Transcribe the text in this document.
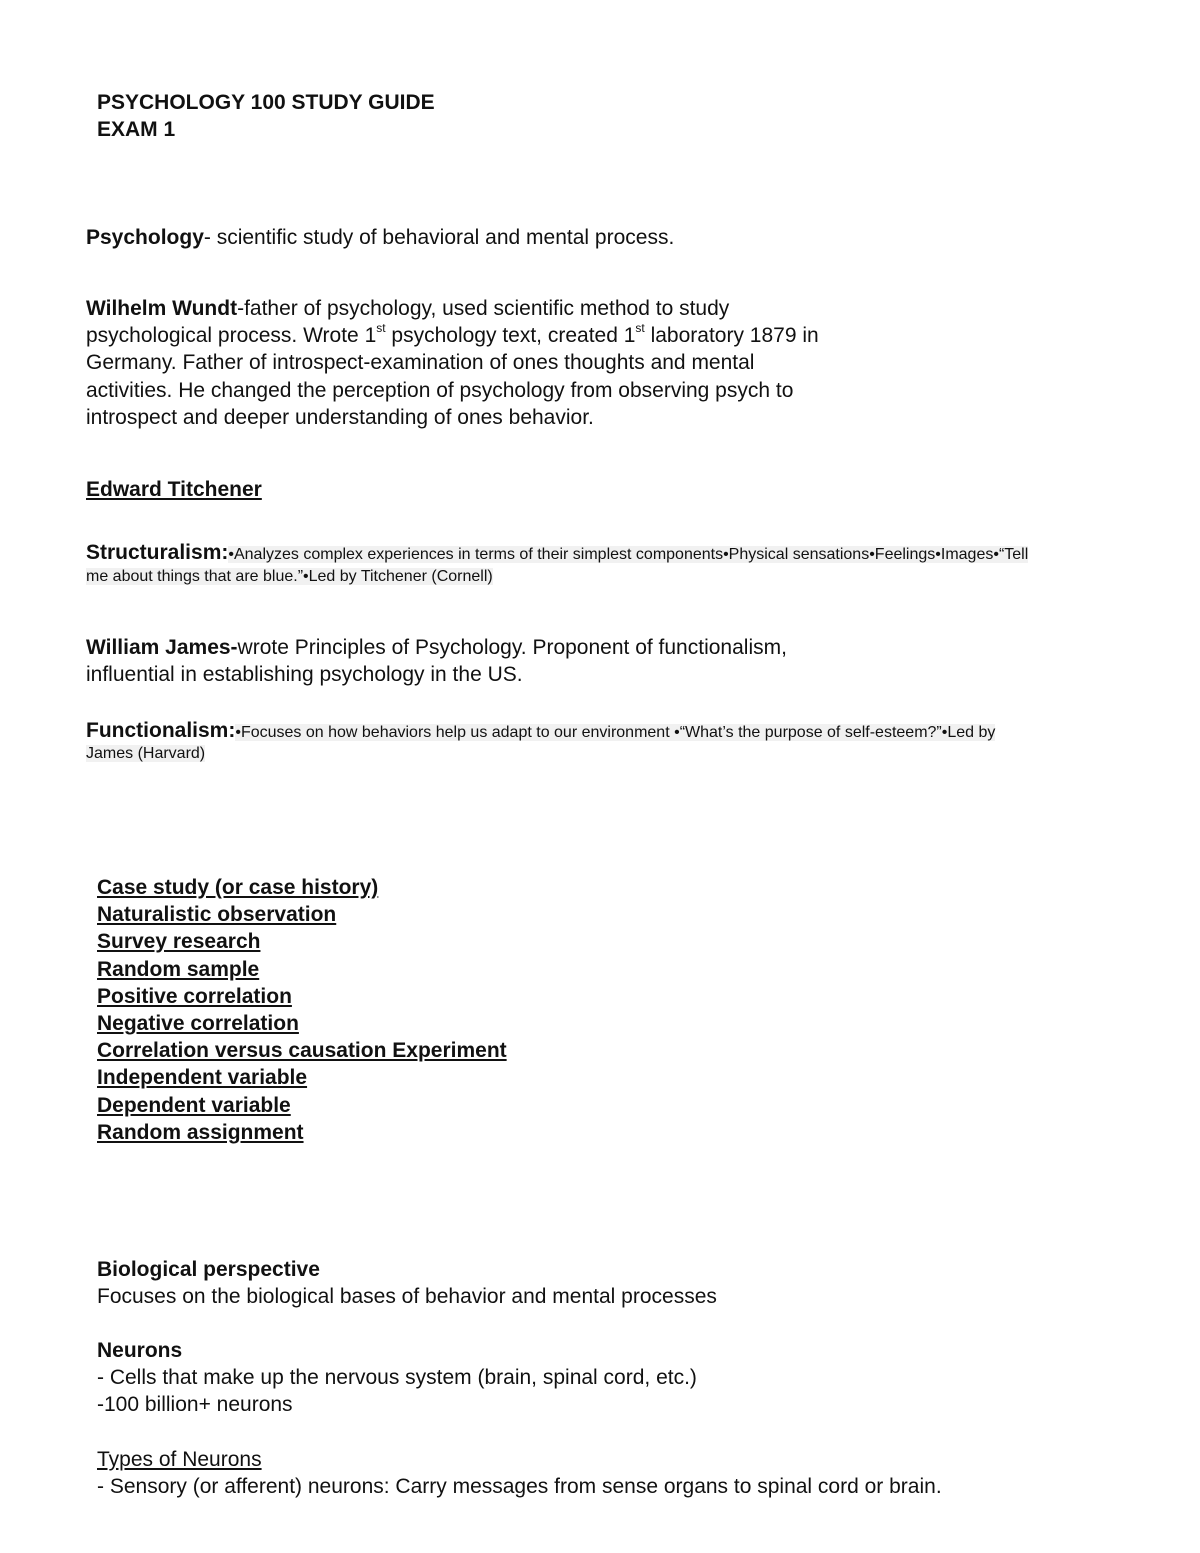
PSYCHOLOGY 100 STUDY GUIDE
EXAM 1
Psychology- scientific study of behavioral and mental process.
Wilhelm Wundt-father of psychology, used scientific method to study
psychological process. Wrote 1st psychology text, created 1st laboratory 1879 in
Germany. Father of introspect-examination of ones thoughts and mental
activities. He changed the perception of psychology from observing psych to
introspect and deeper understanding of ones behavior.
Edward Titchener
Structuralism:•Analyzes complex experiences in terms of their simplest components•Physical sensations•Feelings•Images•“Tell
me about things that are blue.”•Led by Titchener (Cornell)
William James-wrote Principles of Psychology. Proponent of functionalism,
influential in establishing psychology in the US.
Functionalism:•Focuses on how behaviors help us adapt to our environment •“What’s the purpose of self-esteem?”•Led by
James (Harvard)
Case study (or case history)
Naturalistic observation
Survey research
Random sample
Positive correlation
Negative correlation
Correlation versus causation Experiment
Independent variable
Dependent variable
Random assignment
Biological perspective
Focuses on the biological bases of behavior and mental processes
Neurons
- Cells that make up the nervous system (brain, spinal cord, etc.)
-100 billion+ neurons
Types of Neurons
- Sensory (or afferent) neurons: Carry messages from sense organs to spinal cord or brain.
